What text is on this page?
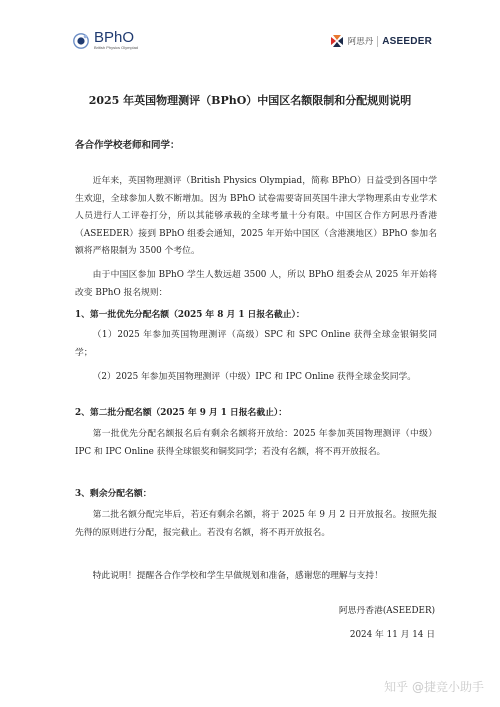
BPhO
British Physics Olympiad
阿思丹 ASEEDER
2025 年英国物理测评（BPhO）中国区名额限制和分配规则说明
各合作学校老师和同学：

近年来，英国物理测评（British Physics Olympiad，简称 BPhO）日益受到各国中学生欢迎，全球参加人数不断增加。因为 BPhO 试卷需要寄回英国牛津大学物理系由专业学术人员进行人工评卷打分，所以其能够承载的全球考量十分有限。中国区合作方阿思丹香港（ASEEDER）接到 BPhO 组委会通知，2025 年开始中国区（含港澳地区）BPhO 参加名额将严格限制为 3500 个考位。

由于中国区参加 BPhO 学生人数远超 3500 人，所以 BPhO 组委会从 2025 年开始将改变 BPhO 报名规则：

1、第一批优先分配名额（2025 年 8 月 1 日报名截止）：

（1）2025 年参加英国物理测评（高级）SPC 和 SPC Online 获得全球金银铜奖同学；

（2）2025 年参加英国物理测评（中级）IPC 和 IPC Online 获得全球金奖同学。

2、第二批分配名额（2025 年 9 月 1 日报名截止）：

第一批优先分配名额报名后有剩余名额将开放给：2025 年参加英国物理测评（中级）IPC 和 IPC Online 获得全球银奖和铜奖同学；若没有名额，将不再开放报名。

3、剩余分配名额：

第二批名额分配完毕后，若还有剩余名额，将于 2025 年 9 月 2 日开放报名。按照先报先得的原则进行分配，报完截止。若没有名额，将不再开放报名。

特此说明！提醒各合作学校和学生早做规划和准备，感谢您的理解与支持！

阿思丹香港(ASEEDER)
2024 年 11 月 14 日
知乎 @捷竞小助手
